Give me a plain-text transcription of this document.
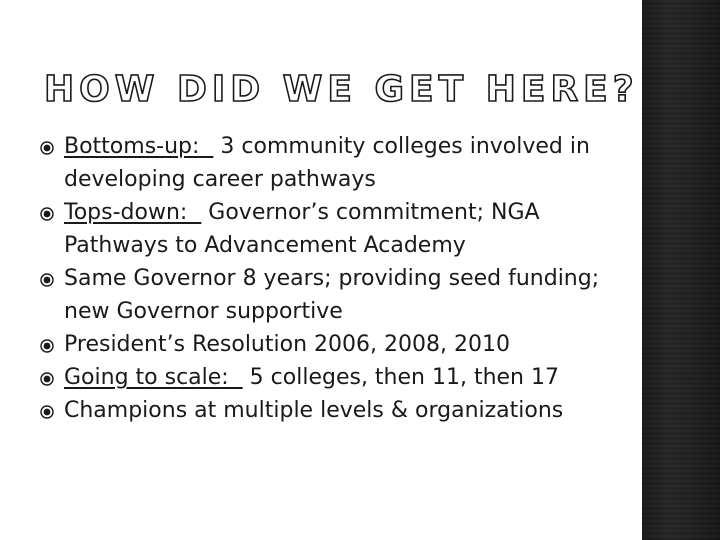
HOW DID WE GET HERE?
Bottoms-up:   3 community colleges involved in developing career pathways
Tops-down:   Governor’s commitment; NGA Pathways to Advancement Academy
Same Governor 8 years; providing seed funding; new Governor supportive
President’s Resolution 2006, 2008, 2010
Going to scale:   5 colleges, then 11, then 17
Champions at multiple levels & organizations
